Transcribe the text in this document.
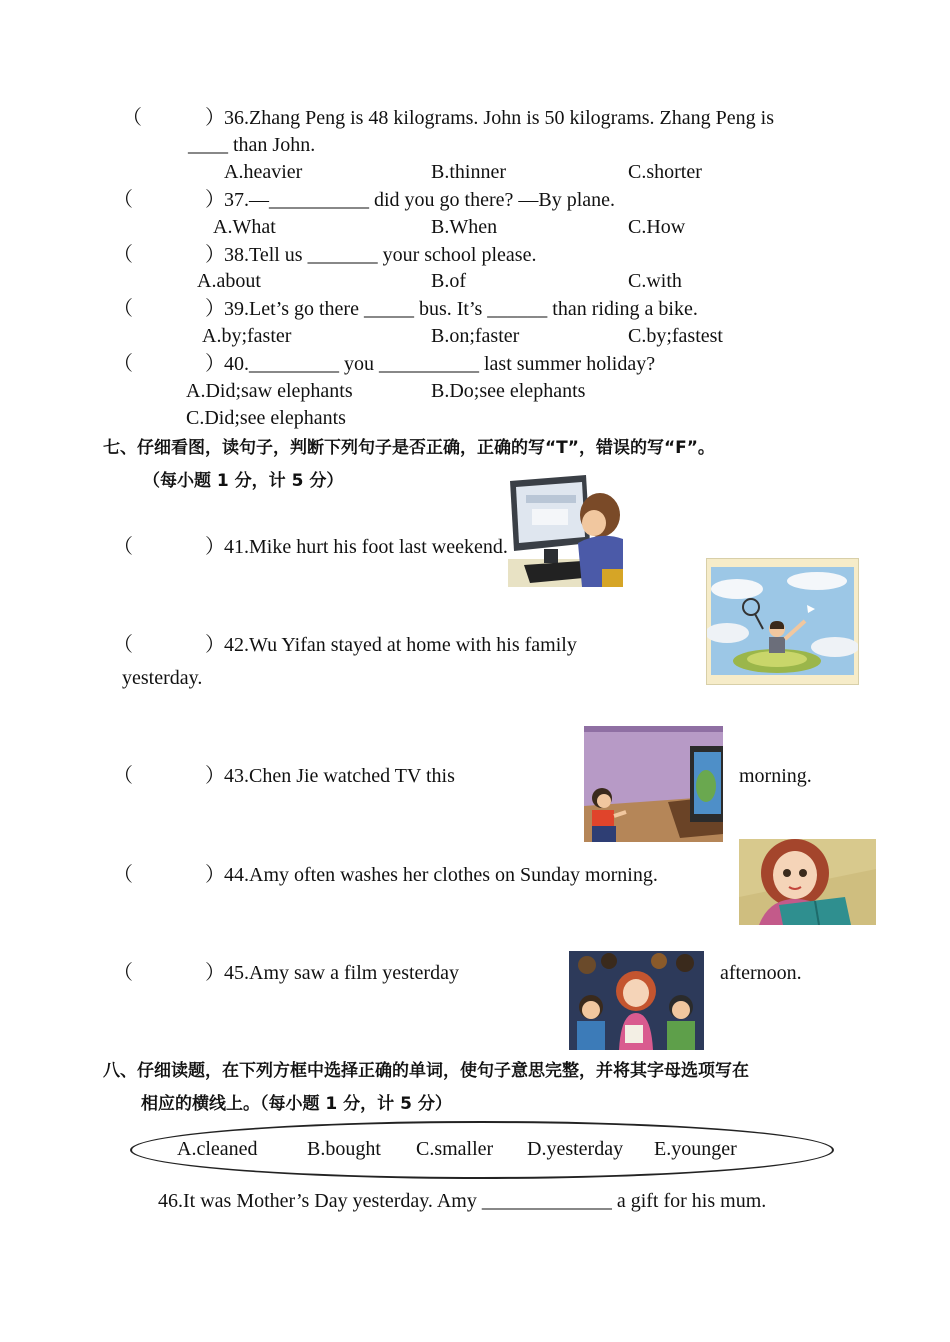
（	） 36.Zhang Peng is 48 kilograms. John is 50 kilograms. Zhang Peng is
____ than John.
A.heavier	B.thinner	C.shorter
（	） 37.—__________ did you go there? —By plane.
A.What	B.When	C.How
（	） 38.Tell us _______ your school please.
A.about	B.of	C.with
（	） 39.Let’s go there _____ bus. It’s ______ than riding a bike.
A.by;faster	B.on;faster	C.by;fastest
（	） 40._________ you __________ last summer holiday?
A.Did;saw elephants	B.Do;see elephants
C.Did;see elephants
七、仔细看图，读句子，判断下列句子是否正确，正确的写“T”，错误的写“F”。
（每小题 1 分，计 5 分）
（	） 41.Mike hurt his foot last weekend.
（	） 42.Wu Yifan stayed at home with his family
yesterday.
（	） 43.Chen Jie watched TV this	morning.
（	） 44.Amy often washes her clothes on Sunday morning.
（	） 45.Amy saw a film yesterday	afternoon.
八、仔细读题，在下列方框中选择正确的单词，使句子意思完整，并将其字母选项写在
相应的横线上。（每小题 1 分，计 5 分）
A.cleaned B.bought C.smaller D.yesterday E.younger
46.It was Mother’s Day yesterday. Amy _____________ a gift for his mum.
